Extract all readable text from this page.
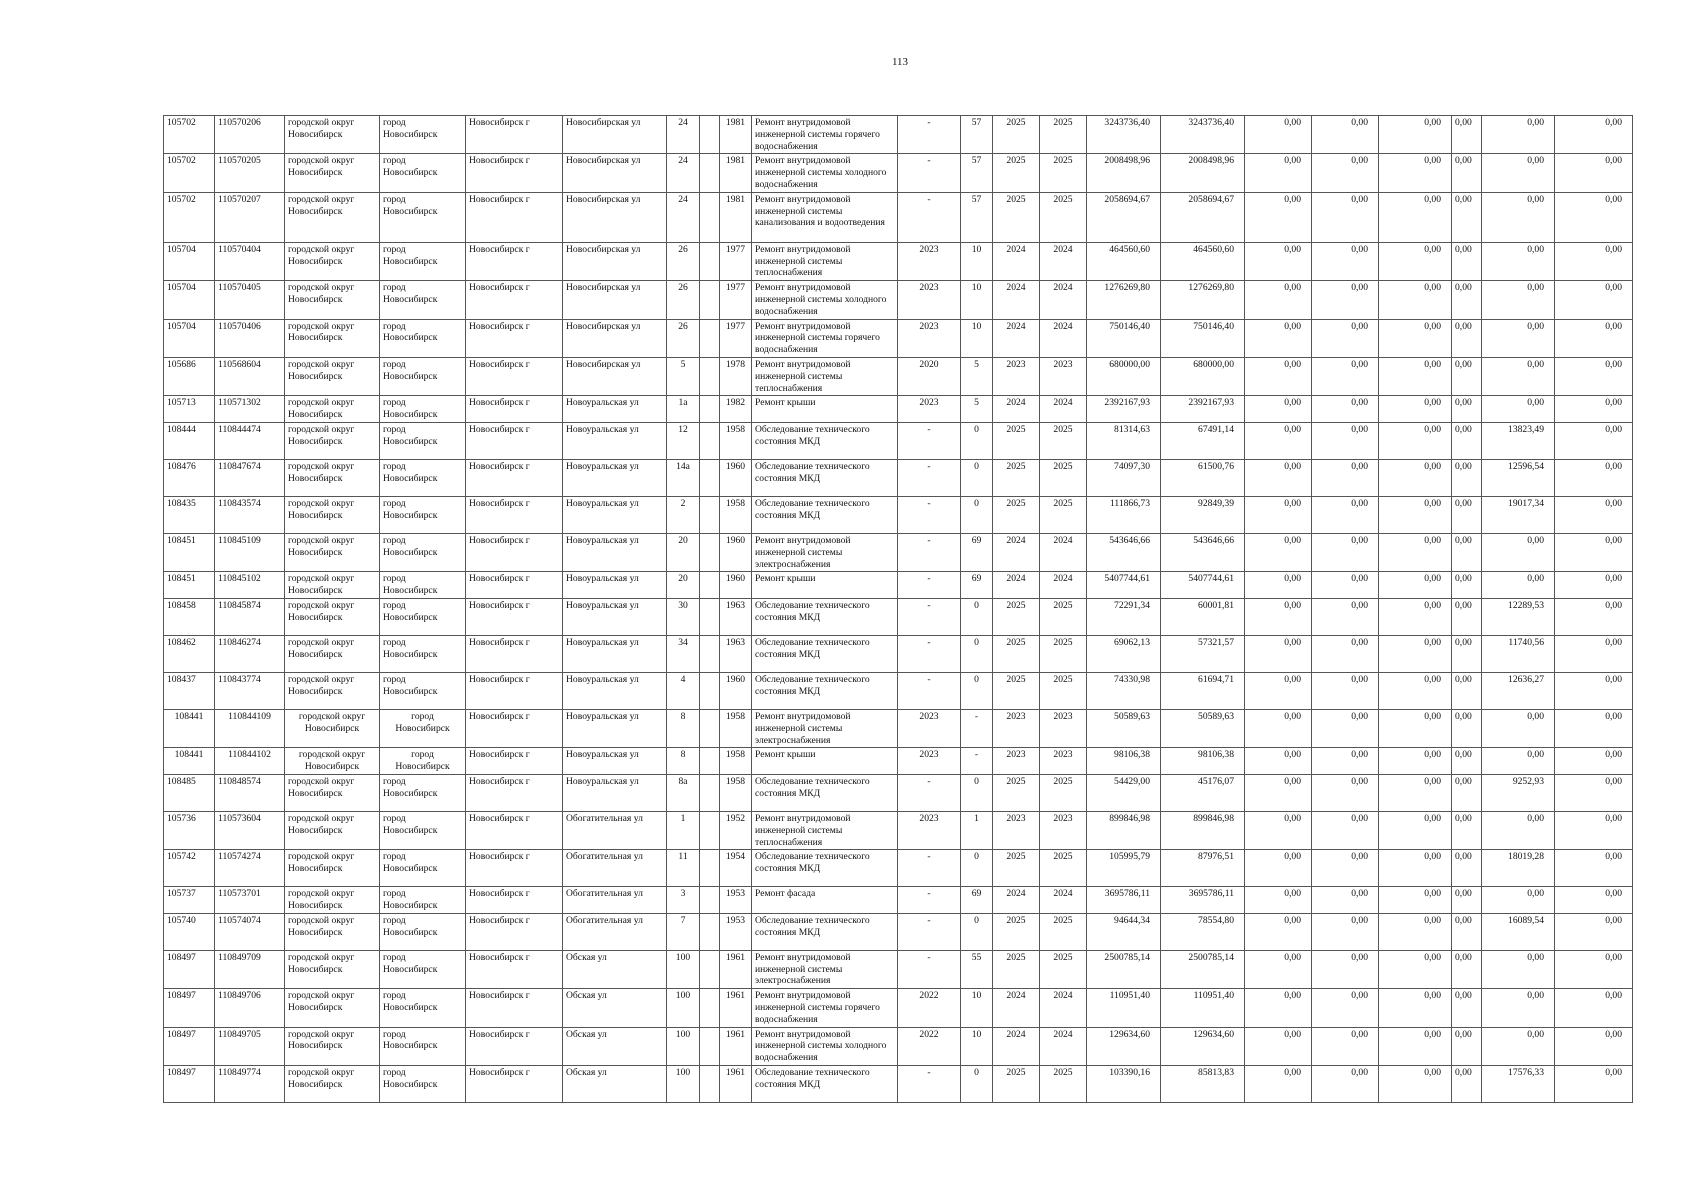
113
105702	110570206	городской округ Новосибирск	город Новосибирск	Новосибирск г	Новосибирская ул	24		1981	Ремонт внутридомовой инженерной системы горячего водоснабжения	-	57	2025	2025	3243736,40	3243736,40	0,00	0,00	0,00	0,00	0,00	0,00
105702	110570205	городской округ Новосибирск	город Новосибирск	Новосибирск г	Новосибирская ул	24		1981	Ремонт внутридомовой инженерной системы холодного водоснабжения	-	57	2025	2025	2008498,96	2008498,96	0,00	0,00	0,00	0,00	0,00	0,00
105702	110570207	городской округ Новосибирск	город Новосибирск	Новосибирск г	Новосибирская ул	24		1981	Ремонт внутридомовой инженерной системы канализования и водоотведения	-	57	2025	2025	2058694,67	2058694,67	0,00	0,00	0,00	0,00	0,00	0,00
105704	110570404	городской округ Новосибирск	город Новосибирск	Новосибирск г	Новосибирская ул	26		1977	Ремонт внутридомовой инженерной системы теплоснабжения	2023	10	2024	2024	464560,60	464560,60	0,00	0,00	0,00	0,00	0,00	0,00
105704	110570405	городской округ Новосибирск	город Новосибирск	Новосибирск г	Новосибирская ул	26		1977	Ремонт внутридомовой инженерной системы холодного водоснабжения	2023	10	2024	2024	1276269,80	1276269,80	0,00	0,00	0,00	0,00	0,00	0,00
105704	110570406	городской округ Новосибирск	город Новосибирск	Новосибирск г	Новосибирская ул	26		1977	Ремонт внутридомовой инженерной системы горячего водоснабжения	2023	10	2024	2024	750146,40	750146,40	0,00	0,00	0,00	0,00	0,00	0,00
105686	110568604	городской округ Новосибирск	город Новосибирск	Новосибирск г	Новосибирская ул	5		1978	Ремонт внутридомовой инженерной системы теплоснабжения	2020	5	2023	2023	680000,00	680000,00	0,00	0,00	0,00	0,00	0,00	0,00
105713	110571302	городской округ Новосибирск	город Новосибирск	Новосибирск г	Новоуральская ул	1а		1982	Ремонт крыши	2023	5	2024	2024	2392167,93	2392167,93	0,00	0,00	0,00	0,00	0,00	0,00
108444	110844474	городской округ Новосибирск	город Новосибирск	Новосибирск г	Новоуральская ул	12		1958	Обследование технического состояния МКД	-	0	2025	2025	81314,63	67491,14	0,00	0,00	0,00	0,00	13823,49	0,00
108476	110847674	городской округ Новосибирск	город Новосибирск	Новосибирск г	Новоуральская ул	14а		1960	Обследование технического состояния МКД	-	0	2025	2025	74097,30	61500,76	0,00	0,00	0,00	0,00	12596,54	0,00
108435	110843574	городской округ Новосибирск	город Новосибирск	Новосибирск г	Новоуральская ул	2		1958	Обследование технического состояния МКД	-	0	2025	2025	111866,73	92849,39	0,00	0,00	0,00	0,00	19017,34	0,00
108451	110845109	городской округ Новосибирск	город Новосибирск	Новосибирск г	Новоуральская ул	20		1960	Ремонт внутридомовой инженерной системы электроснабжения	-	69	2024	2024	543646,66	543646,66	0,00	0,00	0,00	0,00	0,00	0,00
108451	110845102	городской округ Новосибирск	город Новосибирск	Новосибирск г	Новоуральская ул	20		1960	Ремонт крыши	-	69	2024	2024	5407744,61	5407744,61	0,00	0,00	0,00	0,00	0,00	0,00
108458	110845874	городской округ Новосибирск	город Новосибирск	Новосибирск г	Новоуральская ул	30		1963	Обследование технического состояния МКД	-	0	2025	2025	72291,34	60001,81	0,00	0,00	0,00	0,00	12289,53	0,00
108462	110846274	городской округ Новосибирск	город Новосибирск	Новосибирск г	Новоуральская ул	34		1963	Обследование технического состояния МКД	-	0	2025	2025	69062,13	57321,57	0,00	0,00	0,00	0,00	11740,56	0,00
108437	110843774	городской округ Новосибирск	город Новосибирск	Новосибирск г	Новоуральская ул	4		1960	Обследование технического состояния МКД	-	0	2025	2025	74330,98	61694,71	0,00	0,00	0,00	0,00	12636,27	0,00
108441	110844109	городской округ Новосибирск	город Новосибирск	Новосибирск г	Новоуральская ул	8		1958	Ремонт внутридомовой инженерной системы электроснабжения	2023	-	2023	2023	50589,63	50589,63	0,00	0,00	0,00	0,00	0,00	0,00
108441	110844102	городской округ Новосибирск	город Новосибирск	Новосибирск г	Новоуральская ул	8		1958	Ремонт крыши	2023	-	2023	2023	98106,38	98106,38	0,00	0,00	0,00	0,00	0,00	0,00
108485	110848574	городской округ Новосибирск	город Новосибирск	Новосибирск г	Новоуральская ул	8а		1958	Обследование технического состояния МКД	-	0	2025	2025	54429,00	45176,07	0,00	0,00	0,00	0,00	9252,93	0,00
105736	110573604	городской округ Новосибирск	город Новосибирск	Новосибирск г	Обогатительная ул	1		1952	Ремонт внутридомовой инженерной системы теплоснабжения	2023	1	2023	2023	899846,98	899846,98	0,00	0,00	0,00	0,00	0,00	0,00
105742	110574274	городской округ Новосибирск	город Новосибирск	Новосибирск г	Обогатительная ул	11		1954	Обследование технического состояния МКД	-	0	2025	2025	105995,79	87976,51	0,00	0,00	0,00	0,00	18019,28	0,00
105737	110573701	городской округ Новосибирск	город Новосибирск	Новосибирск г	Обогатительная ул	3		1953	Ремонт фасада	-	69	2024	2024	3695786,11	3695786,11	0,00	0,00	0,00	0,00	0,00	0,00
105740	110574074	городской округ Новосибирск	город Новосибирск	Новосибирск г	Обогатительная ул	7		1953	Обследование технического состояния МКД	-	0	2025	2025	94644,34	78554,80	0,00	0,00	0,00	0,00	16089,54	0,00
108497	110849709	городской округ Новосибирск	город Новосибирск	Новосибирск г	Обская ул	100		1961	Ремонт внутридомовой инженерной системы электроснабжения	-	55	2025	2025	2500785,14	2500785,14	0,00	0,00	0,00	0,00	0,00	0,00
108497	110849706	городской округ Новосибирск	город Новосибирск	Новосибирск г	Обская ул	100		1961	Ремонт внутридомовой инженерной системы горячего водоснабжения	2022	10	2024	2024	110951,40	110951,40	0,00	0,00	0,00	0,00	0,00	0,00
108497	110849705	городской округ Новосибирск	город Новосибирск	Новосибирск г	Обская ул	100		1961	Ремонт внутридомовой инженерной системы холодного водоснабжения	2022	10	2024	2024	129634,60	129634,60	0,00	0,00	0,00	0,00	0,00	0,00
108497	110849774	городской округ Новосибирск	город Новосибирск	Новосибирск г	Обская ул	100		1961	Обследование технического состояния МКД	-	0	2025	2025	103390,16	85813,83	0,00	0,00	0,00	0,00	17576,33	0,00
